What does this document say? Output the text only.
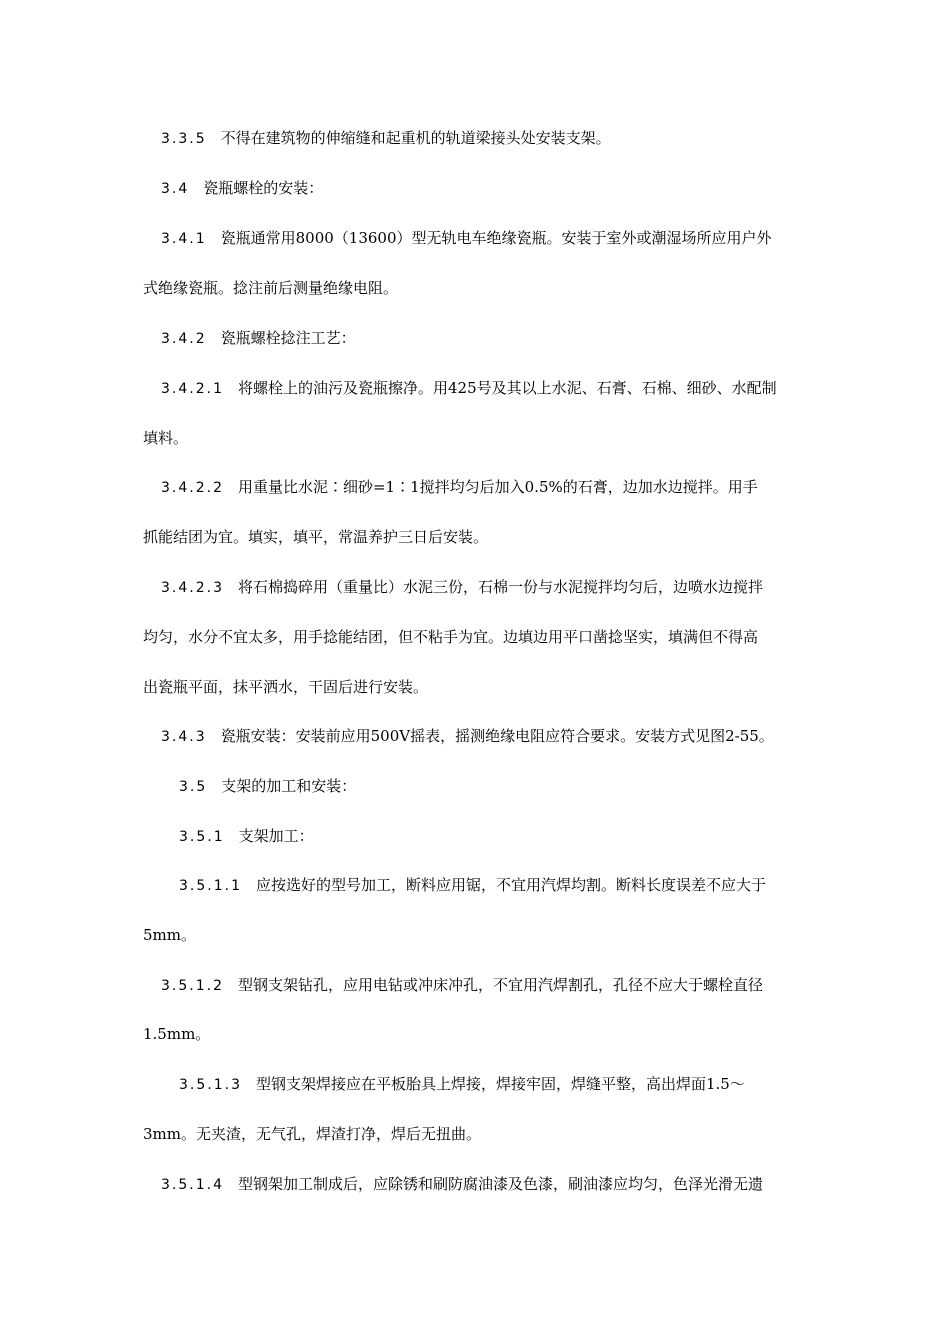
3.3.5 不得在建筑物的伸缩缝和起重机的轨道梁接头处安装支架。
3.4 瓷瓶螺栓的安装：
3.4.1 瓷瓶通常用8000（13600）型无轨电车绝缘瓷瓶。安装于室外或潮湿场所应用户外
式绝缘瓷瓶。捻注前后测量绝缘电阻。
3.4.2 瓷瓶螺栓捻注工艺：
3.4.2.1 将螺栓上的油污及瓷瓶擦净。用425号及其以上水泥、石膏、石棉、细砂、水配制
填料。
3.4.2.2 用重量比水泥∶细砂=1∶1搅拌均匀后加入0.5%的石膏，边加水边搅拌。用手
抓能结团为宜。填实，填平，常温养护三日后安装。
3.4.2.3 将石棉捣碎用（重量比）水泥三份，石棉一份与水泥搅拌均匀后，边喷水边搅拌
均匀，水分不宜太多，用手捻能结团，但不粘手为宜。边填边用平口凿捻坚实，填满但不得高
出瓷瓶平面，抹平洒水，干固后进行安装。
3.4.3 瓷瓶安装：安装前应用500V摇表，摇测绝缘电阻应符合要求。安装方式见图2-55。
3.5 支架的加工和安装：
3.5.1 支架加工：
3.5.1.1 应按选好的型号加工，断料应用锯，不宜用汽焊均割。断料长度误差不应大于
5mm。
3.5.1.2 型钢支架钻孔，应用电钻或冲床冲孔，不宜用汽焊割孔，孔径不应大于螺栓直径
1.5mm。
3.5.1.3 型钢支架焊接应在平板胎具上焊接，焊接牢固，焊缝平整，高出焊面1.5～
3mm。无夹渣，无气孔，焊渣打净，焊后无扭曲。
3.5.1.4 型钢架加工制成后，应除锈和刷防腐油漆及色漆，刷油漆应均匀，色泽光滑无遗
